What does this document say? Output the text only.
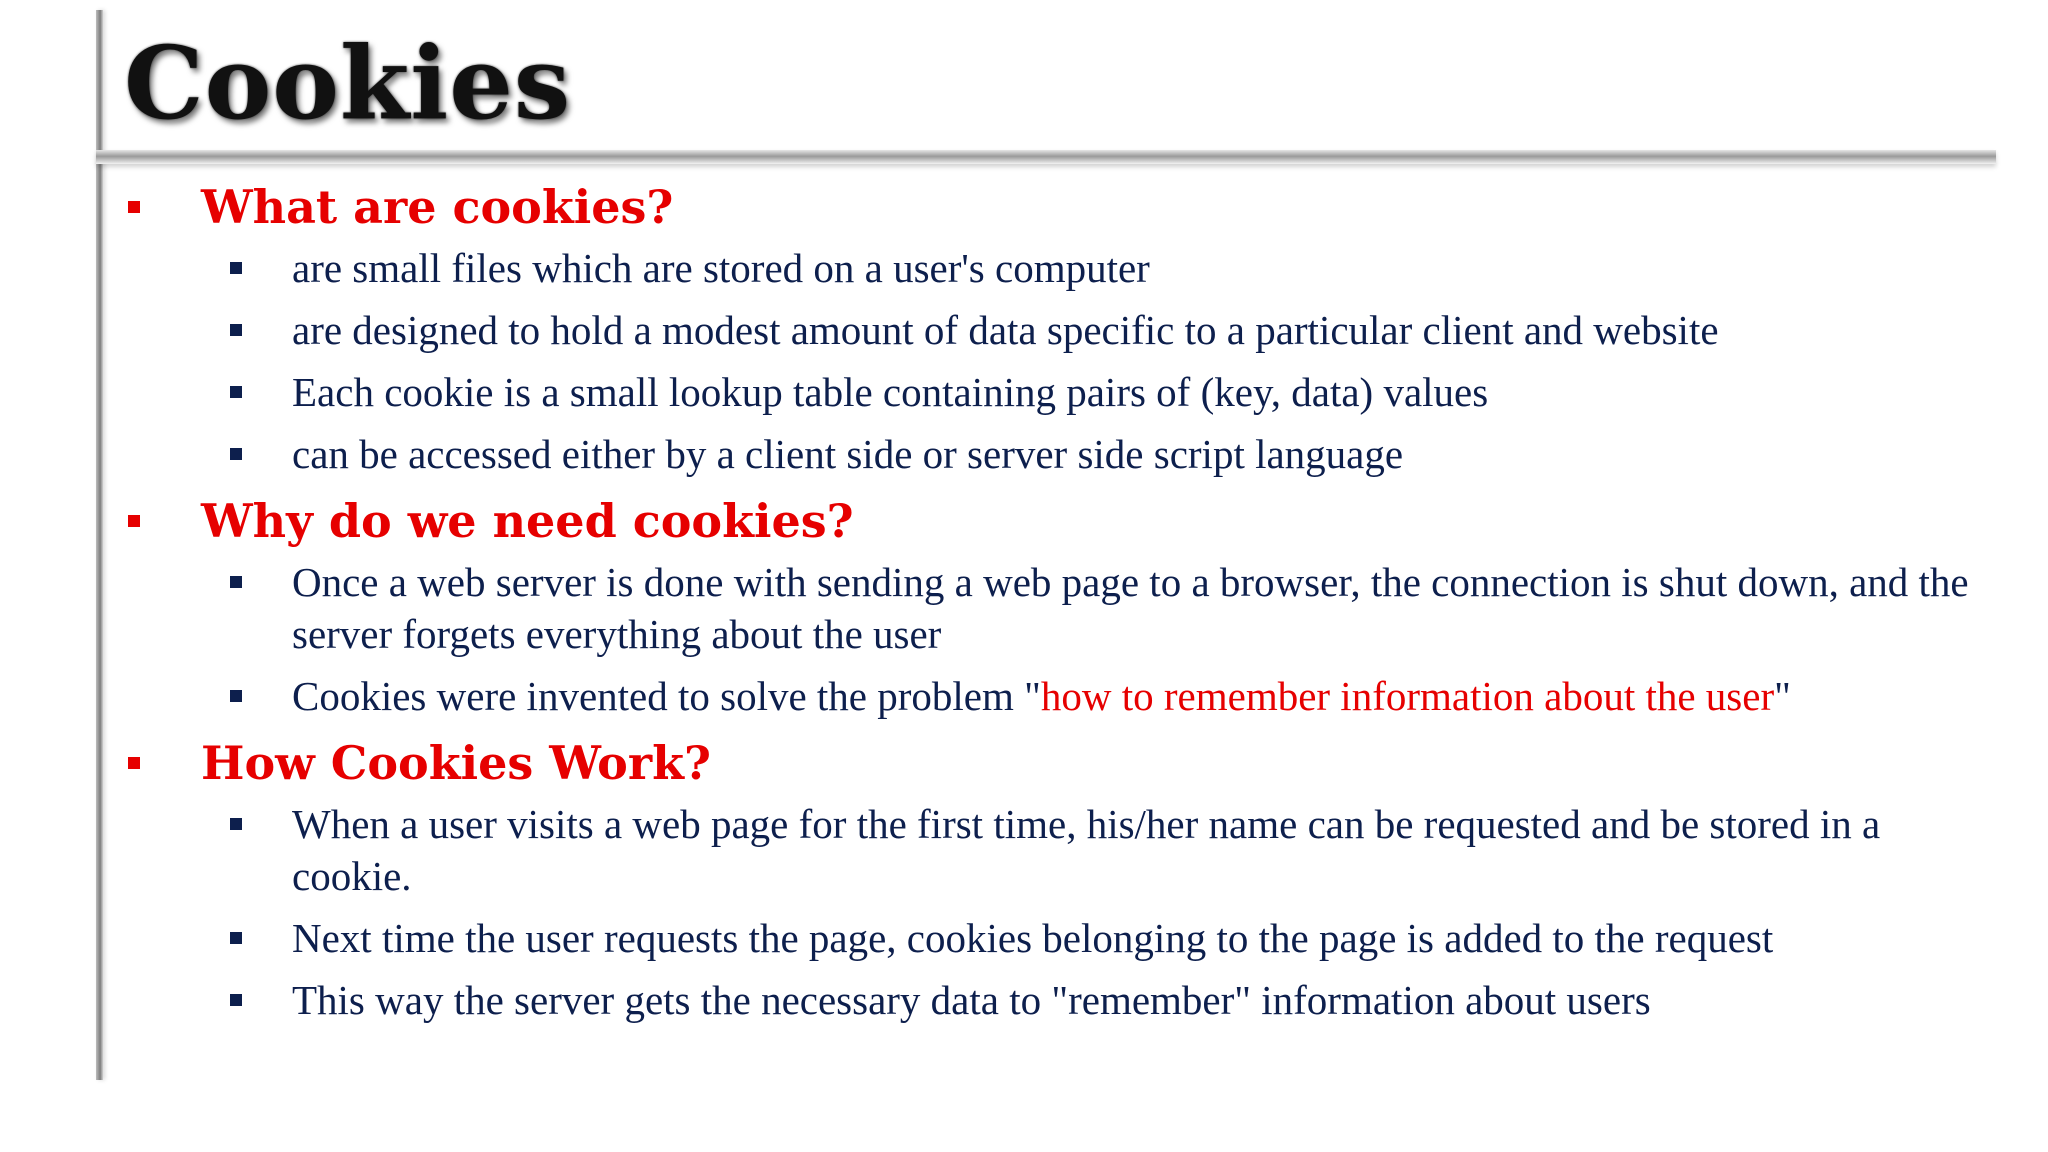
Cookies
What are cookies?
are small files which are stored on a user's computer
are designed to hold a modest amount of data specific to a particular client and website
Each cookie is a small lookup table containing pairs of (key, data) values
can be accessed either by a client side or server side script language
Why do we need cookies?
Once a web server is done with sending a web page to a browser, the connection is shut down, and the server forgets everything about the user
Cookies were invented to solve the problem "how to remember information about the user"
How Cookies Work?
When a user visits a web page for the first time, his/her name can be requested and be stored in a cookie.
Next time the user requests the page, cookies belonging to the page is added to the request
This way the server gets the necessary data to "remember" information about users
